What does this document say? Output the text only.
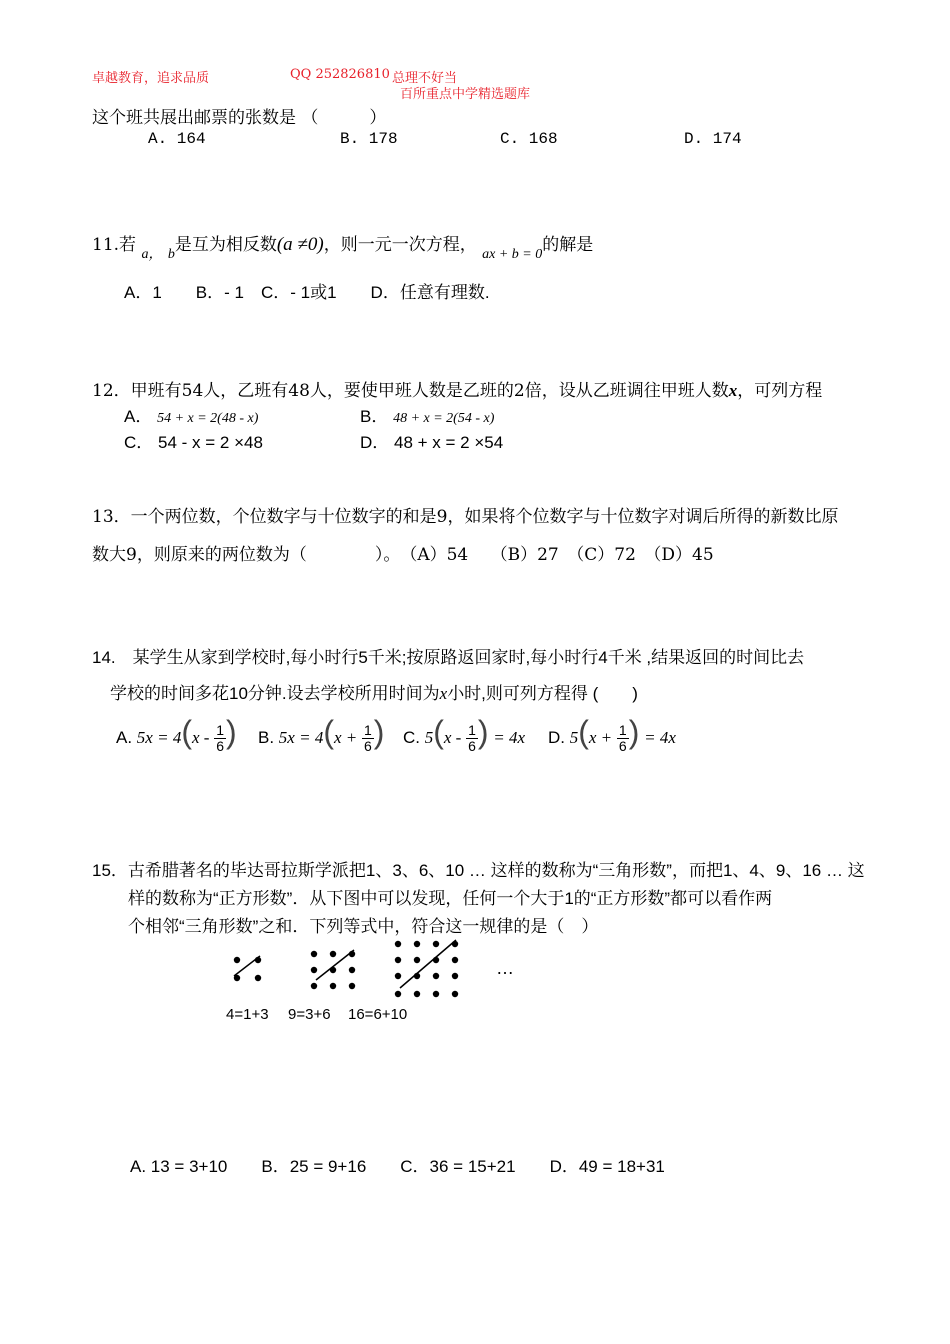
卓越教育，追求品质	QQ 252826810 总理不好当
百所重点中学精选题库
这个班共展出邮票的张数是 （　　　）
A. 164	B. 178	C. 168	D. 174
11.若 $_{a,}$ $_b$是互为相反数(a ≠0)，则一元一次方程， $_{ax + b = 0}$的解是
A．1　　B．- 1　C．- 1或1　　D．任意有理数.
12．甲班有54人，乙班有48人，要使甲班人数是乙班的2倍，设从乙班调往甲班人数x，可列方程
A． 54 + x = 2(48 - x)	B． 48 + x = 2(54 - x)
C． 54 - x = 2 ×48	D． 48 + x = 2 ×54
13．一个两位数，个位数字与十位数字的和是9，如果将个位数字与十位数字对调后所得的新数比原
数大9，则原来的两位数为（　　　　）。　（A）54　 （B）27　（C）72　（D）45
14.　某学生从家到学校时,每小时行5千米;按原路返回家时,每小时行4千米 ,结果返回的时间比去
学校的时间多花10分钟.设去学校所用时间为x小时,则可列方程得 (　　)
A. $5x = 4(x - \frac{1}{6}$ ) B. $5x = 4(x + \frac{1}{6}$ ) C. $5(x - \frac{1}{6}$ ) = 4x D. $5(x + \frac{1}{6}$ ) = 4x
15．古希腊著名的毕达哥拉斯学派把1、3、6、10 … 这样的数称为“三角形数”，而把1、4、9、16 … 这
样的数称为“正方形数”．从下图中可以发现，任何一个大于1的“正方形数”都可以看作两
个相邻“三角形数”之和．下列等式中，符合这一规律的是（　）
…
4=1+3 9=3+6 16=6+10
A. 13 = 3+10　　B．25 = 9+16　　C．36 = 15+21　　D．49 = 18+31
